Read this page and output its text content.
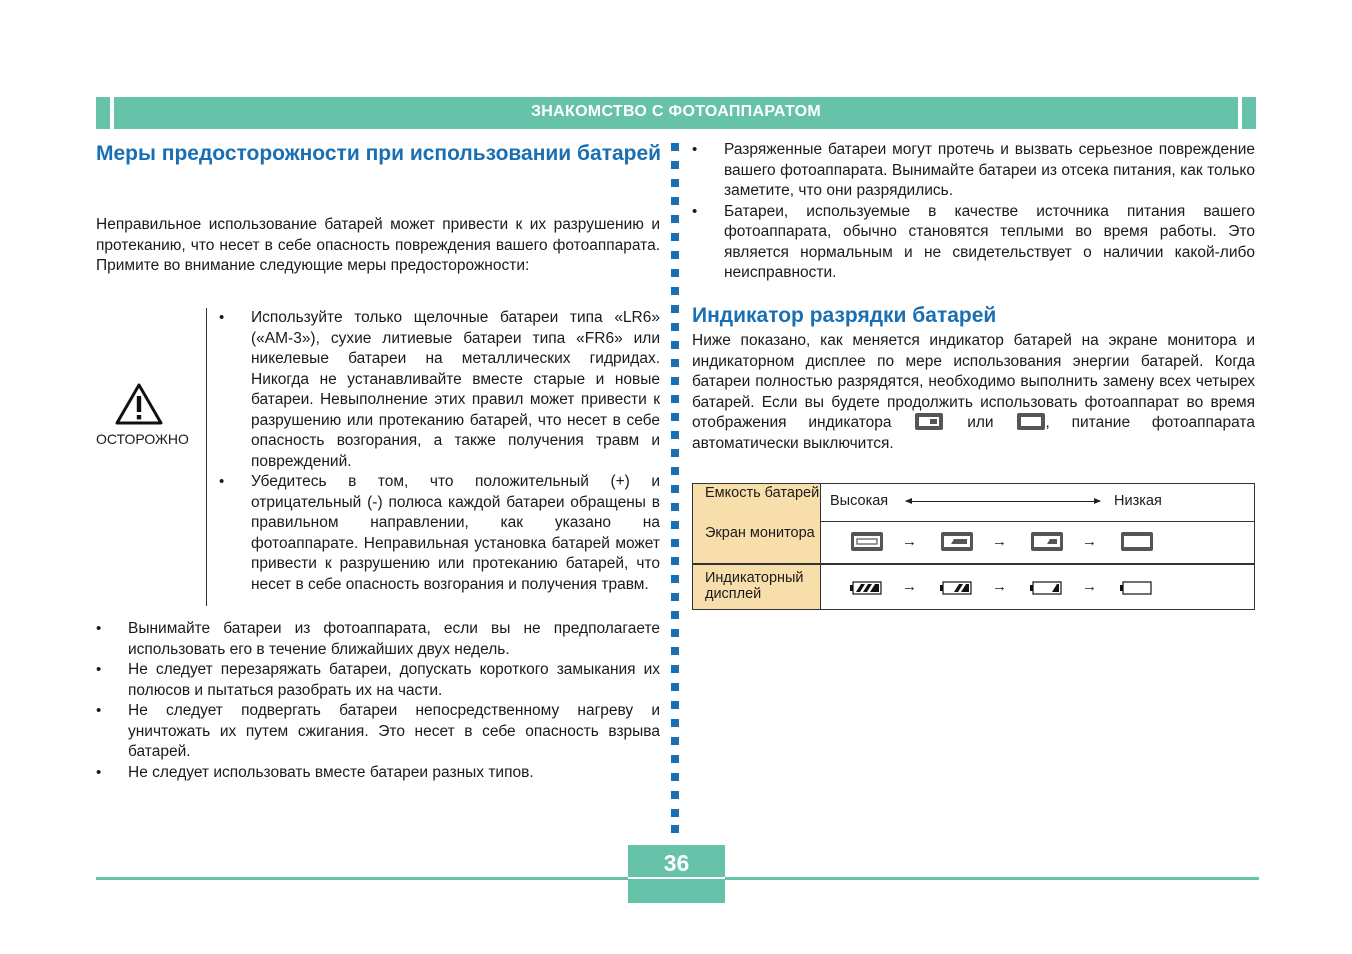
ЗНАКОМСТВО С ФОТОАППАРАТОМ
Меры предосторожности при использовании батарей

Неправильное использование батарей может привести к их разрушению и протеканию, что несет в себе опасность повреждения вашего фотоаппарата. Примите во внимание следующие меры предосторожности:

ОСТОРОЖНО
• Используйте только щелочные батареи типа «LR6» («AM-3»), сухие литиевые батареи типа «FR6» или никелевые батареи на металлических гидридах. Никогда не устанавливайте вместе старые и новые батареи. Невыполнение этих правил может привести к разрушению или протеканию батарей, что несет в себе опасность возгорания, а также получения травм и повреждений.
• Убедитесь в том, что положительный (+) и отрицательный (-) полюса каждой батареи обращены в правильном направлении, как указано на фотоаппарате. Неправильная установка батарей может привести к разрушению или протеканию батарей, что несет в себе опасность возгорания и получения травм.
• Вынимайте батареи из фотоаппарата, если вы не предполагаете использовать его в течение ближайших двух недель.
• Не следует перезаряжать батареи, допускать короткого замыкания их полюсов и пытаться разобрать их на части.
• Не следует подвергать батареи непосредственному нагреву и уничтожать их путем сжигания. Это несет в себе опасность взрыва батарей.
• Не следует использовать вместе батареи разных типов.
• Разряженные батареи могут протечь и вызвать серьезное повреждение вашего фотоаппарата. Вынимайте батареи из отсека питания, как только заметите, что они разрядились.
• Батареи, используемые в качестве источника питания вашего фотоаппарата, обычно становятся теплыми во время работы. Это является нормальным и не свидетельствует о наличии какой-либо неисправности.
Индикатор разрядки батарей

Ниже показано, как меняется индикатор батарей на экране монитора и индикаторном дисплее по мере использования энергии батарей. Когда батареи полностью разрядятся, необходимо выполнить замену всех четырех батарей. Если вы будете продолжить использовать фотоаппарат во время отображения индикатора	или	, питание фотоаппарата автоматически выключится.

Емкость батарей Высокая	Низкая
Экран монитора	→	→	→
Индикаторный дисплей	→	→	→
36
